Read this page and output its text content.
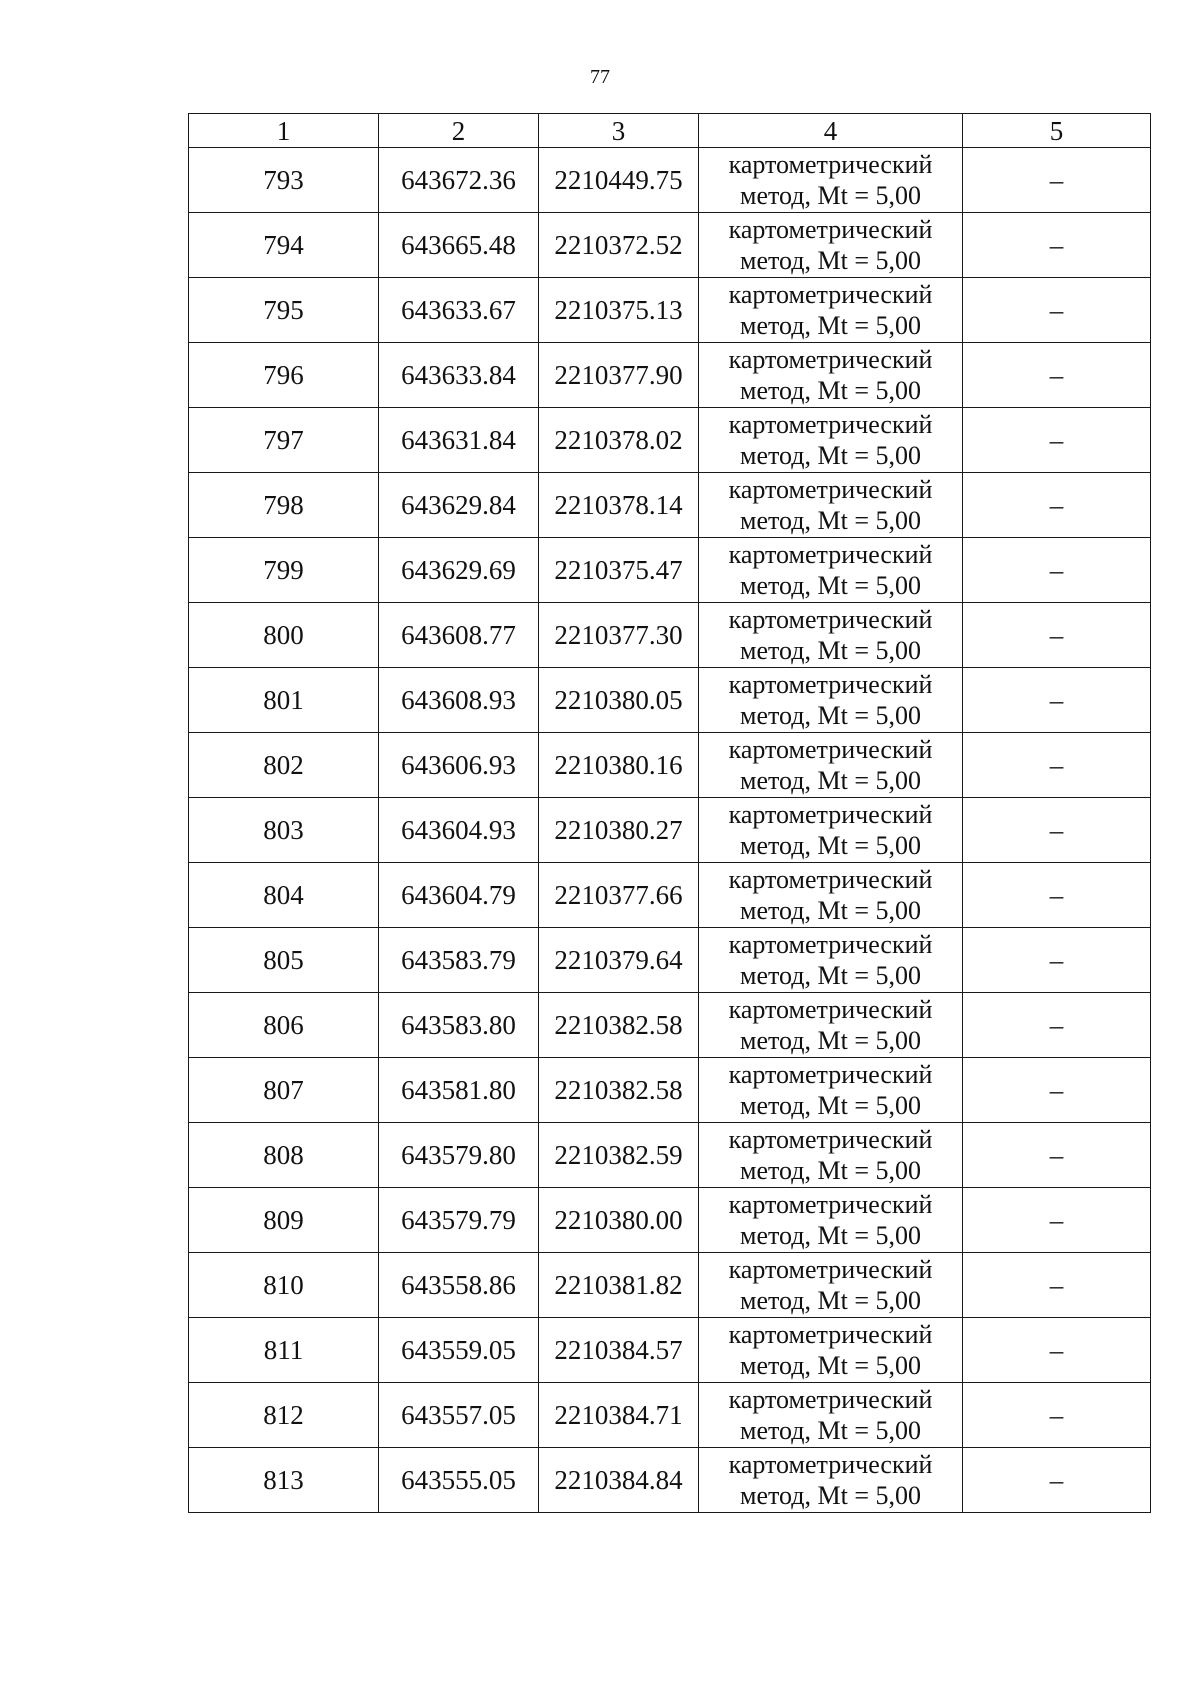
77
1	2	3	4	5
793	643672.36	2210449.75	картометрический
метод, Mt = 5,00	–
794	643665.48	2210372.52	картометрический
метод, Mt = 5,00	–
795	643633.67	2210375.13	картометрический
метод, Mt = 5,00	–
796	643633.84	2210377.90	картометрический
метод, Mt = 5,00	–
797	643631.84	2210378.02	картометрический
метод, Mt = 5,00	–
798	643629.84	2210378.14	картометрический
метод, Mt = 5,00	–
799	643629.69	2210375.47	картометрический
метод, Mt = 5,00	–
800	643608.77	2210377.30	картометрический
метод, Mt = 5,00	–
801	643608.93	2210380.05	картометрический
метод, Mt = 5,00	–
802	643606.93	2210380.16	картометрический
метод, Mt = 5,00	–
803	643604.93	2210380.27	картометрический
метод, Mt = 5,00	–
804	643604.79	2210377.66	картометрический
метод, Mt = 5,00	–
805	643583.79	2210379.64	картометрический
метод, Mt = 5,00	–
806	643583.80	2210382.58	картометрический
метод, Mt = 5,00	–
807	643581.80	2210382.58	картометрический
метод, Mt = 5,00	–
808	643579.80	2210382.59	картометрический
метод, Mt = 5,00	–
809	643579.79	2210380.00	картометрический
метод, Mt = 5,00	–
810	643558.86	2210381.82	картометрический
метод, Mt = 5,00	–
811	643559.05	2210384.57	картометрический
метод, Mt = 5,00	–
812	643557.05	2210384.71	картометрический
метод, Mt = 5,00	–
813	643555.05	2210384.84	картометрический
метод, Mt = 5,00	–
